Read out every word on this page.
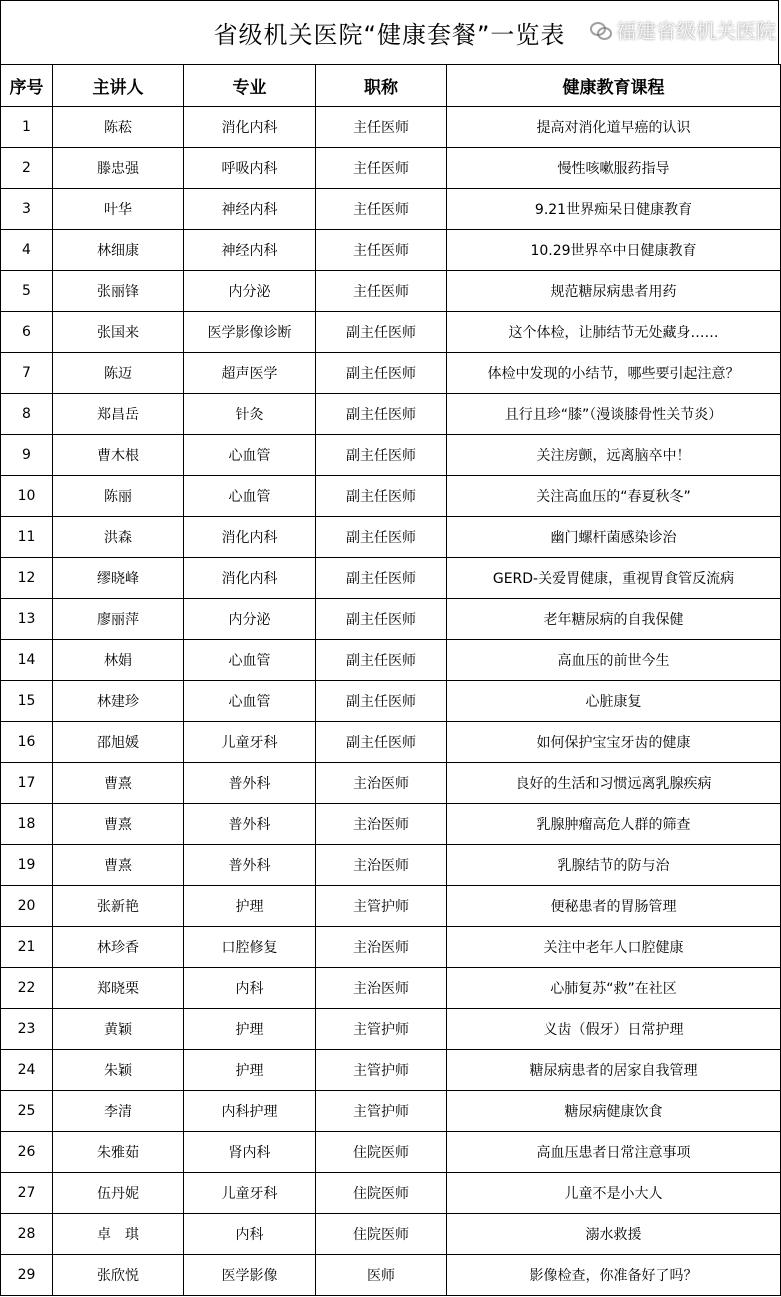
省级机关医院“健康套餐”一览表
序号	主讲人	专业	职称	健康教育课程
1	陈菘	消化内科	主任医师	提高对消化道早癌的认识
2	滕忠强	呼吸内科	主任医师	慢性咳嗽服药指导
3	叶华	神经内科	主任医师	9.21世界痴呆日健康教育
4	林细康	神经内科	主任医师	10.29世界卒中日健康教育
5	张丽锋	内分泌	主任医师	规范糖尿病患者用药
6	张国来	医学影像诊断	副主任医师	这个体检，让肺结节无处藏身……
7	陈迈	超声医学	副主任医师	体检中发现的小结节，哪些要引起注意？
8	郑昌岳	针灸	副主任医师	且行且珍“膝”（漫谈膝骨性关节炎）
9	曹木根	心血管	副主任医师	关注房颤，远离脑卒中！
10	陈丽	心血管	副主任医师	关注高血压的“春夏秋冬”
11	洪森	消化内科	副主任医师	幽门螺杆菌感染诊治
12	缪晓峰	消化内科	副主任医师	GERD-关爱胃健康，重视胃食管反流病
13	廖丽萍	内分泌	副主任医师	老年糖尿病的自我保健
14	林娟	心血管	副主任医师	高血压的前世今生
15	林建珍	心血管	副主任医师	心脏康复
16	邵旭媛	儿童牙科	副主任医师	如何保护宝宝牙齿的健康
17	曹熹	普外科	主治医师	良好的生活和习惯远离乳腺疾病
18	曹熹	普外科	主治医师	乳腺肿瘤高危人群的筛查
19	曹熹	普外科	主治医师	乳腺结节的防与治
20	张新艳	护理	主管护师	便秘患者的胃肠管理
21	林珍香	口腔修复	主治医师	关注中老年人口腔健康
22	郑晓栗	内科	主治医师	心肺复苏“救”在社区
23	黄颖	护理	主管护师	义齿（假牙）日常护理
24	朱颖	护理	主管护师	糖尿病患者的居家自我管理
25	李清	内科护理	主管护师	糖尿病健康饮食
26	朱雅茹	肾内科	住院医师	高血压患者日常注意事项
27	伍丹妮	儿童牙科	住院医师	儿童不是小大人
28	卓　琪	内科	住院医师	溺水救援
29	张欣悦	医学影像	医师	影像检查，你准备好了吗？
福建省级机关医院
